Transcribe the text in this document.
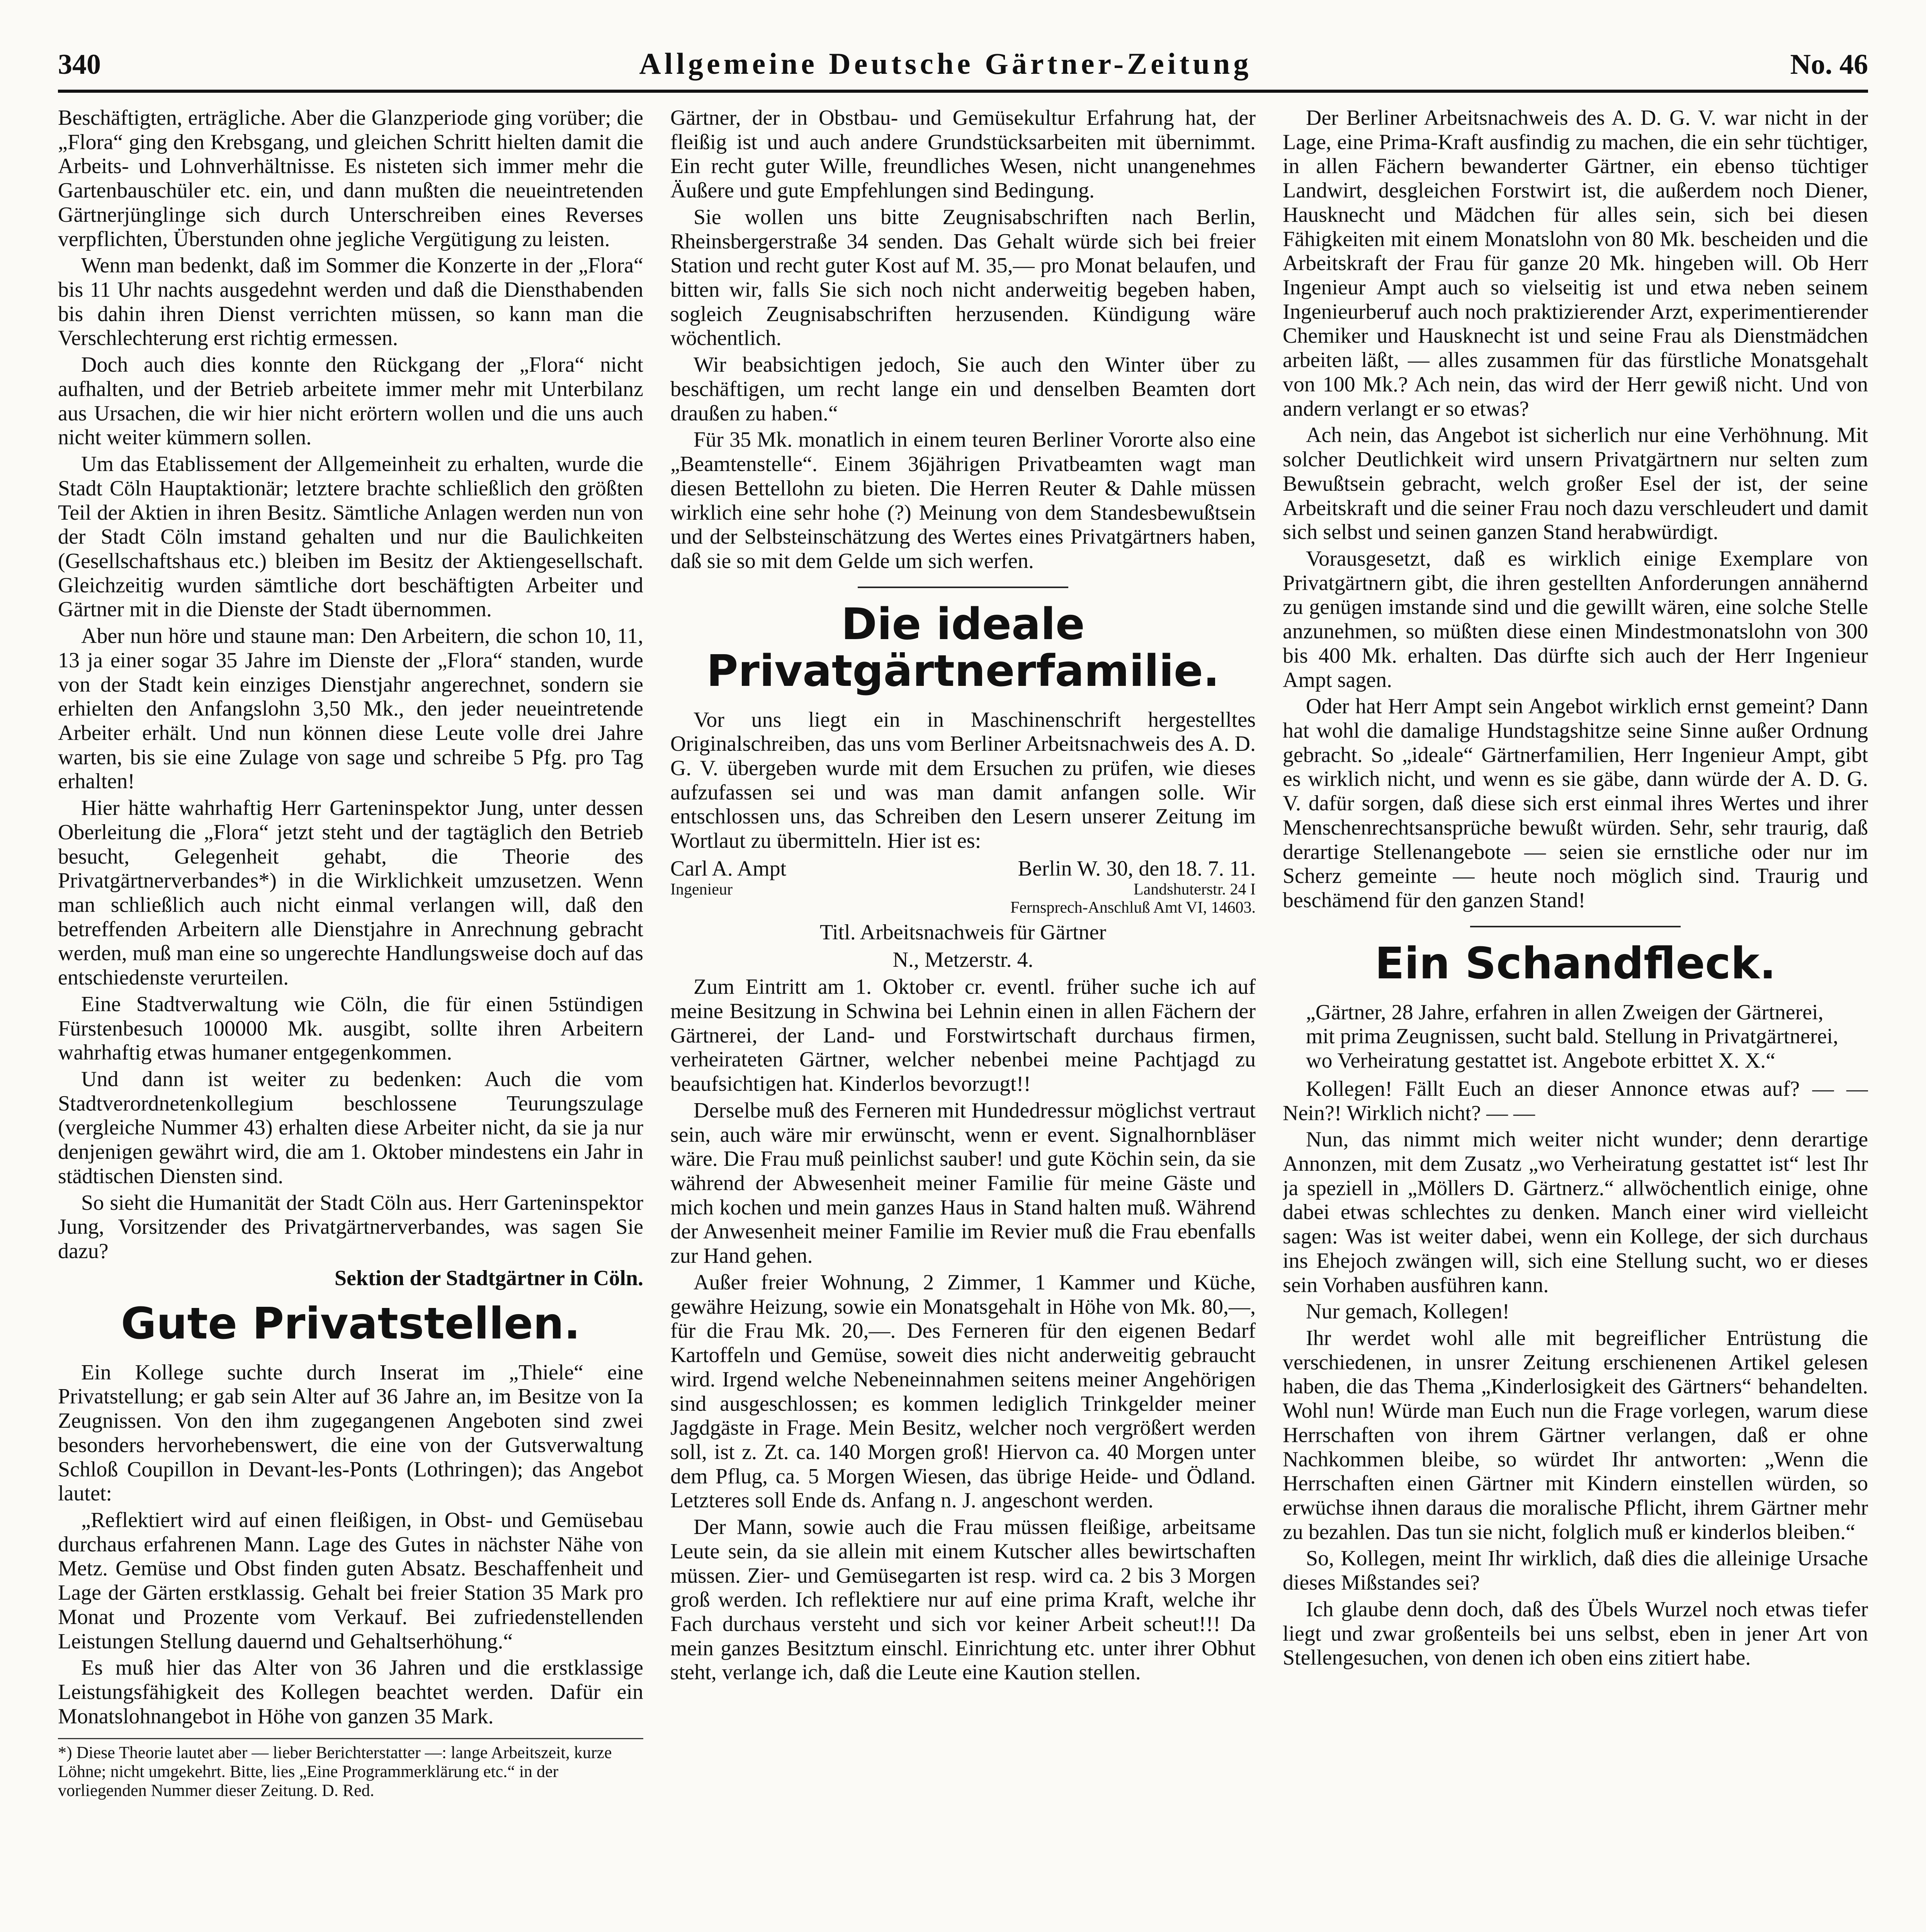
340	Allgemeine Deutsche Gärtner-Zeitung	No. 46

Beschäftigten, erträgliche. Aber die Glanzperiode ging vorüber; die „Flora“ ging den Krebsgang, und gleichen Schritt hielten damit die Arbeits- und Lohnverhältnisse. Es nisteten sich immer mehr die Gartenbauschüler etc. ein, und dann mußten die neueintretenden Gärtnerjünglinge sich durch Unterschreiben eines Reverses verpflichten, Überstunden ohne jegliche Vergütigung zu leisten.

Wenn man bedenkt, daß im Sommer die Konzerte in der „Flora“ bis 11 Uhr nachts ausgedehnt werden und daß die Diensthabenden bis dahin ihren Dienst verrichten müssen, so kann man die Verschlechterung erst richtig ermessen.

Doch auch dies konnte den Rückgang der „Flora“ nicht aufhalten, und der Betrieb arbeitete immer mehr mit Unterbilanz aus Ursachen, die wir hier nicht erörtern wollen und die uns auch nicht weiter kümmern sollen.

Um das Etablissement der Allgemeinheit zu erhalten, wurde die Stadt Cöln Hauptaktionär; letztere brachte schließlich den größten Teil der Aktien in ihren Besitz. Sämtliche Anlagen werden nun von der Stadt Cöln imstand gehalten und nur die Baulichkeiten (Gesellschaftshaus etc.) bleiben im Besitz der Aktiengesellschaft. Gleichzeitig wurden sämtliche dort beschäftigten Arbeiter und Gärtner mit in die Dienste der Stadt übernommen.

Aber nun höre und staune man: Den Arbeitern, die schon 10, 11, 13 ja einer sogar 35 Jahre im Dienste der „Flora“ standen, wurde von der Stadt kein einziges Dienstjahr angerechnet, sondern sie erhielten den Anfangslohn 3,50 Mk., den jeder neueintretende Arbeiter erhält. Und nun können diese Leute volle drei Jahre warten, bis sie eine Zulage von sage und schreibe 5 Pfg. pro Tag erhalten!

Hier hätte wahrhaftig Herr Garteninspektor Jung, unter dessen Oberleitung die „Flora“ jetzt steht und der tagtäglich den Betrieb besucht, Gelegenheit gehabt, die Theorie des Privatgärtnerverbandes*) in die Wirklichkeit umzusetzen. Wenn man schließlich auch nicht einmal verlangen will, daß den betreffenden Arbeitern alle Dienstjahre in Anrechnung gebracht werden, muß man eine so ungerechte Handlungsweise doch auf das entschiedenste verurteilen.

Eine Stadtverwaltung wie Cöln, die für einen 5stündigen Fürstenbesuch 100000 Mk. ausgibt, sollte ihren Arbeitern wahrhaftig etwas humaner entgegenkommen.

Und dann ist weiter zu bedenken: Auch die vom Stadtverordnetenkollegium beschlossene Teurungszulage (vergleiche Nummer 43) erhalten diese Arbeiter nicht, da sie ja nur denjenigen gewährt wird, die am 1. Oktober mindestens ein Jahr in städtischen Diensten sind.

So sieht die Humanität der Stadt Cöln aus. Herr Garteninspektor Jung, Vorsitzender des Privatgärtnerverbandes, was sagen Sie dazu?

Sektion der Stadtgärtner in Cöln.
Gute Privatstellen.

Ein Kollege suchte durch Inserat im „Thiele“ eine Privatstellung; er gab sein Alter auf 36 Jahre an, im Besitze von Ia Zeugnissen. Von den ihm zugegangenen Angeboten sind zwei besonders hervorhebenswert, die eine von der Gutsverwaltung Schloß Coupillon in Devant-les-Ponts (Lothringen); das Angebot lautet:

„Reflektiert wird auf einen fleißigen, in Obst- und Gemüsebau durchaus erfahrenen Mann. Lage des Gutes in nächster Nähe von Metz. Gemüse und Obst finden guten Absatz. Beschaffenheit und Lage der Gärten erstklassig. Gehalt bei freier Station 35 Mark pro Monat und Prozente vom Verkauf. Bei zufriedenstellenden Leistungen Stellung dauernd und Gehaltserhöhung.“

Es muß hier das Alter von 36 Jahren und die erstklassige Leistungsfähigkeit des Kollegen beachtet werden. Dafür ein Monatslohnangebot in Höhe von ganzen 35 Mark.

*) Diese Theorie lautet aber — lieber Berichterstatter —: lange Arbeitszeit, kurze Löhne; nicht umgekehrt. Bitte, lies „Eine Programmerklärung etc.“ in der vorliegenden Nummer dieser Zeitung. D. Red.

Gärtner, der in Obstbau- und Gemüsekultur Erfahrung hat, der fleißig ist und auch andere Grundstücksarbeiten mit übernimmt. Ein recht guter Wille, freundliches Wesen, nicht unangenehmes Äußere und gute Empfehlungen sind Bedingung.

Sie wollen uns bitte Zeugnisabschriften nach Berlin, Rheinsbergerstraße 34 senden. Das Gehalt würde sich bei freier Station und recht guter Kost auf M. 35,— pro Monat belaufen, und bitten wir, falls Sie sich noch nicht anderweitig begeben haben, sogleich Zeugnisabschriften herzusenden. Kündigung wäre wöchentlich.

Wir beabsichtigen jedoch, Sie auch den Winter über zu beschäftigen, um recht lange ein und denselben Beamten dort draußen zu haben.“

Für 35 Mk. monatlich in einem teuren Berliner Vororte also eine „Beamtenstelle“. Einem 36jährigen Privatbeamten wagt man diesen Bettellohn zu bieten. Die Herren Reuter & Dahle müssen wirklich eine sehr hohe (?) Meinung von dem Standesbewußtsein und der Selbsteinschätzung des Wertes eines Privatgärtners haben, daß sie so mit dem Gelde um sich werfen.

Die ideale Privatgärtnerfamilie.

Vor uns liegt ein in Maschinenschrift hergestelltes Originalschreiben, das uns vom Berliner Arbeitsnachweis des A. D. G. V. übergeben wurde mit dem Ersuchen zu prüfen, wie dieses aufzufassen sei und was man damit anfangen solle. Wir entschlossen uns, das Schreiben den Lesern unserer Zeitung im Wortlaut zu übermitteln. Hier ist es:

Carl A. Ampt
Ingenieur
Berlin W. 30, den 18. 7. 11.
Landshuterstr. 24 I
Fernsprech-Anschluß Amt VI, 14603.

Titl. Arbeitsnachweis für Gärtner

N., Metzerstr. 4.

Zum Eintritt am 1. Oktober cr. eventl. früher suche ich auf meine Besitzung in Schwina bei Lehnin einen in allen Fächern der Gärtnerei, der Land- und Forstwirtschaft durchaus firmen, verheirateten Gärtner, welcher nebenbei meine Pachtjagd zu beaufsichtigen hat. Kinderlos bevorzugt!!

Derselbe muß des Ferneren mit Hundedressur möglichst vertraut sein, auch wäre mir erwünscht, wenn er event. Signalhornbläser wäre. Die Frau muß peinlichst sauber! und gute Köchin sein, da sie während der Abwesenheit meiner Familie für meine Gäste und mich kochen und mein ganzes Haus in Stand halten muß. Während der Anwesenheit meiner Familie im Revier muß die Frau ebenfalls zur Hand gehen.

Außer freier Wohnung, 2 Zimmer, 1 Kammer und Küche, gewähre Heizung, sowie ein Monatsgehalt in Höhe von Mk. 80,—, für die Frau Mk. 20,—. Des Ferneren für den eigenen Bedarf Kartoffeln und Gemüse, soweit dies nicht anderweitig gebraucht wird. Irgend welche Nebeneinnahmen seitens meiner Angehörigen sind ausgeschlossen; es kommen lediglich Trinkgelder meiner Jagdgäste in Frage. Mein Besitz, welcher noch vergrößert werden soll, ist z. Zt. ca. 140 Morgen groß! Hiervon ca. 40 Morgen unter dem Pflug, ca. 5 Morgen Wiesen, das übrige Heide- und Ödland. Letzteres soll Ende ds. Anfang n. J. angeschont werden.

Der Mann, sowie auch die Frau müssen fleißige, arbeitsame Leute sein, da sie allein mit einem Kutscher alles bewirtschaften müssen. Zier- und Gemüsegarten ist resp. wird ca. 2 bis 3 Morgen groß werden. Ich reflektiere nur auf eine prima Kraft, welche ihr Fach durchaus versteht und sich vor keiner Arbeit scheut!!! Da mein ganzes Besitztum einschl. Einrichtung etc. unter ihrer Obhut steht, verlange ich, daß die Leute eine Kaution stellen.

Der Berliner Arbeitsnachweis des A. D. G. V. war nicht in der Lage, eine Prima-Kraft ausfindig zu machen, die ein sehr tüchtiger, in allen Fächern bewanderter Gärtner, ein ebenso tüchtiger Landwirt, desgleichen Forstwirt ist, die außerdem noch Diener, Hausknecht und Mädchen für alles sein, sich bei diesen Fähigkeiten mit einem Monatslohn von 80 Mk. bescheiden und die Arbeitskraft der Frau für ganze 20 Mk. hingeben will. Ob Herr Ingenieur Ampt auch so vielseitig ist und etwa neben seinem Ingenieurberuf auch noch praktizierender Arzt, experimentierender Chemiker und Hausknecht ist und seine Frau als Dienstmädchen arbeiten läßt, — alles zusammen für das fürstliche Monatsgehalt von 100 Mk.? Ach nein, das wird der Herr gewiß nicht. Und von andern verlangt er so etwas?

Ach nein, das Angebot ist sicherlich nur eine Verhöhnung. Mit solcher Deutlichkeit wird unsern Privatgärtnern nur selten zum Bewußtsein gebracht, welch großer Esel der ist, der seine Arbeitskraft und die seiner Frau noch dazu verschleudert und damit sich selbst und seinen ganzen Stand herabwürdigt.

Vorausgesetzt, daß es wirklich einige Exemplare von Privatgärtnern gibt, die ihren gestellten Anforderungen annähernd zu genügen imstande sind und die gewillt wären, eine solche Stelle anzunehmen, so müßten diese einen Mindestmonatslohn von 300 bis 400 Mk. erhalten. Das dürfte sich auch der Herr Ingenieur Ampt sagen.

Oder hat Herr Ampt sein Angebot wirklich ernst gemeint? Dann hat wohl die damalige Hundstagshitze seine Sinne außer Ordnung gebracht. So „ideale“ Gärtnerfamilien, Herr Ingenieur Ampt, gibt es wirklich nicht, und wenn es sie gäbe, dann würde der A. D. G. V. dafür sorgen, daß diese sich erst einmal ihres Wertes und ihrer Menschenrechtsansprüche bewußt würden. Sehr, sehr traurig, daß derartige Stellenangebote — seien sie ernstliche oder nur im Scherz gemeinte — heute noch möglich sind. Traurig und beschämend für den ganzen Stand!

Ein Schandfleck.
„Gärtner, 28 Jahre, erfahren in allen Zweigen der Gärtnerei, mit prima Zeugnissen, sucht bald. Stellung in Privatgärtnerei, wo Verheiratung gestattet ist. Angebote erbittet X. X.“

Kollegen! Fällt Euch an dieser Annonce etwas auf? — — Nein?! Wirklich nicht? — —

Nun, das nimmt mich weiter nicht wunder; denn derartige Annonzen, mit dem Zusatz „wo Verheiratung gestattet ist“ lest Ihr ja speziell in „Möllers D. Gärtnerz.“ allwöchentlich einige, ohne dabei etwas schlechtes zu denken. Manch einer wird vielleicht sagen: Was ist weiter dabei, wenn ein Kollege, der sich durchaus ins Ehejoch zwängen will, sich eine Stellung sucht, wo er dieses sein Vorhaben ausführen kann.

Nur gemach, Kollegen!

Ihr werdet wohl alle mit begreiflicher Entrüstung die verschiedenen, in unsrer Zeitung erschienenen Artikel gelesen haben, die das Thema „Kinderlosigkeit des Gärtners“ behandelten. Wohl nun! Würde man Euch nun die Frage vorlegen, warum diese Herrschaften von ihrem Gärtner verlangen, daß er ohne Nachkommen bleibe, so würdet Ihr antworten: „Wenn die Herrschaften einen Gärtner mit Kindern einstellen würden, so erwüchse ihnen daraus die moralische Pflicht, ihrem Gärtner mehr zu bezahlen. Das tun sie nicht, folglich muß er kinderlos bleiben.“

So, Kollegen, meint Ihr wirklich, daß dies die alleinige Ursache dieses Mißstandes sei?

Ich glaube denn doch, daß des Übels Wurzel noch etwas tiefer liegt und zwar großenteils bei uns selbst, eben in jener Art von Stellengesuchen, von denen ich oben eins zitiert habe.
